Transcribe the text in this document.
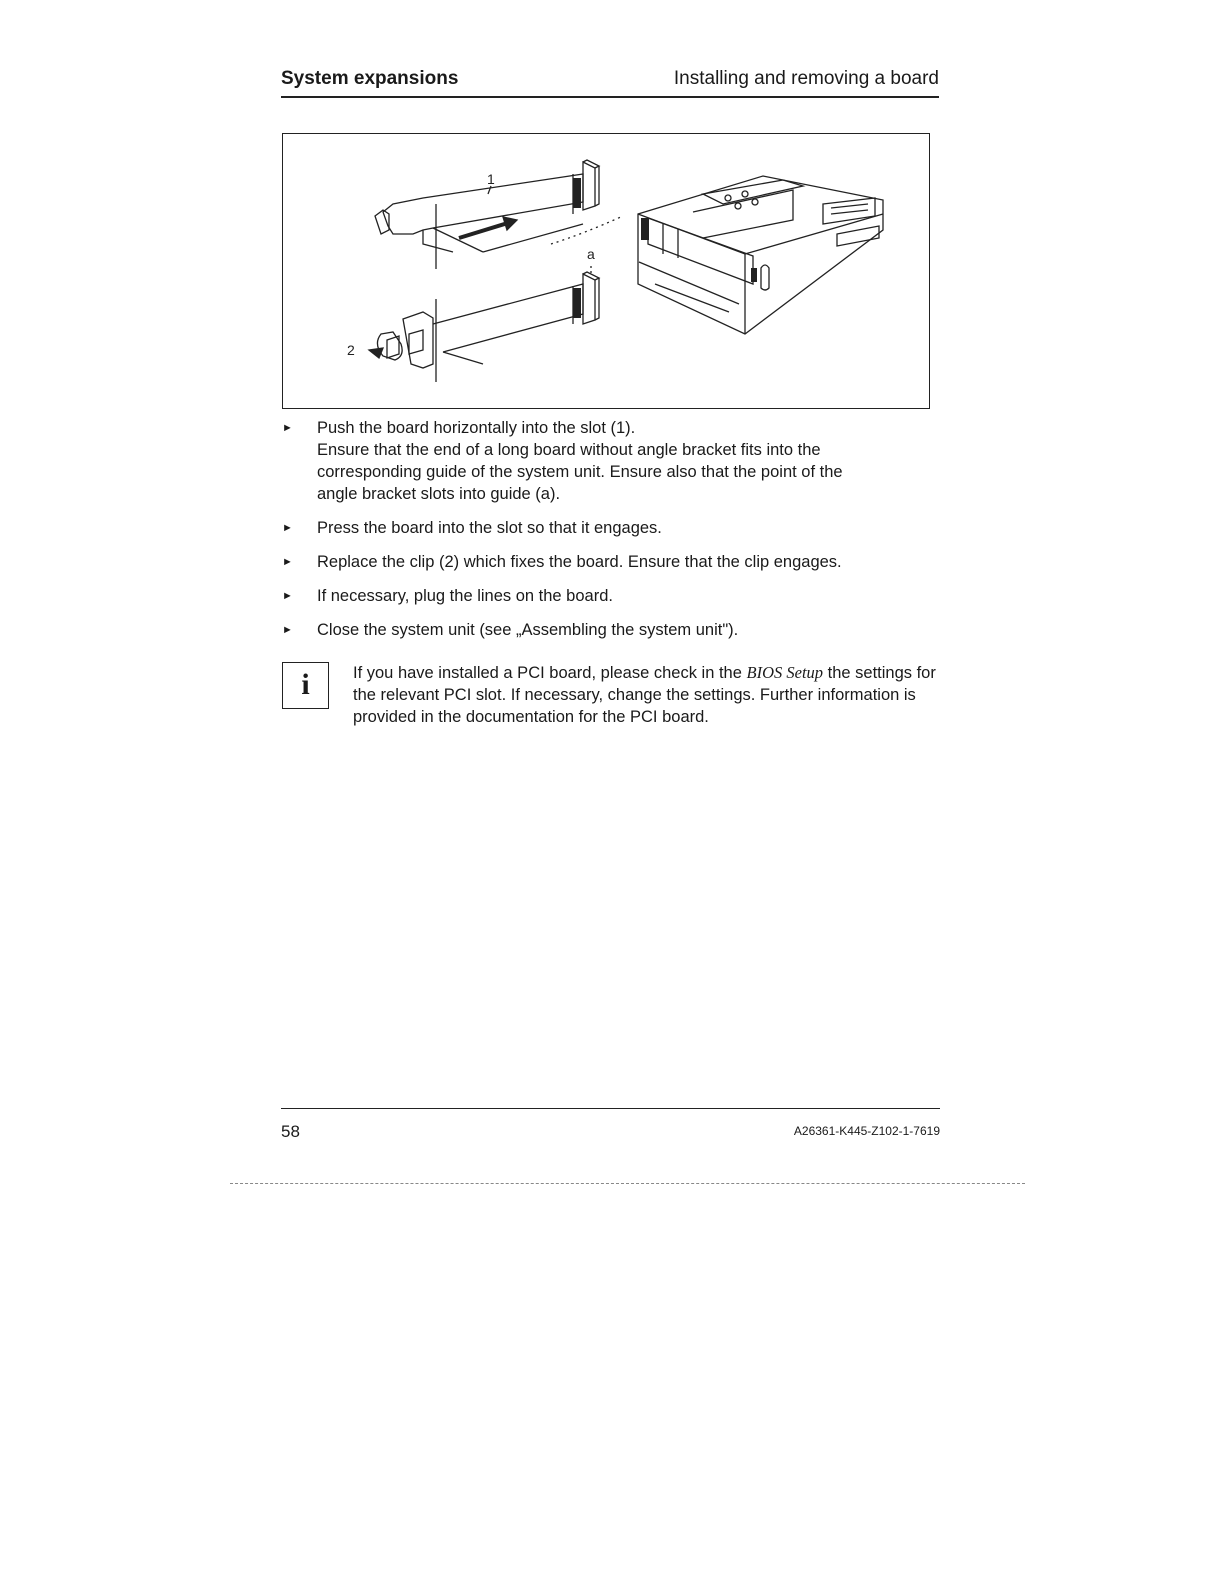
System expansions	Installing and removing a board
1
2
a
► Push the board horizontally into the slot (1).
Ensure that the end of a long board without angle bracket fits into the
corresponding guide of the system unit. Ensure also that the point of the
angle bracket slots into guide (a).
► Press the board into the slot so that it engages.
► Replace the clip (2) which fixes the board. Ensure that the clip engages.
► If necessary, plug the lines on the board.
► Close the system unit (see „Assembling the system unit").
i	If you have installed a PCI board, please check in the BIOS Setup the settings for the relevant PCI slot. If necessary, change the settings. Further information is provided in the documentation for the PCI board.
58	A26361-K445-Z102-1-7619
